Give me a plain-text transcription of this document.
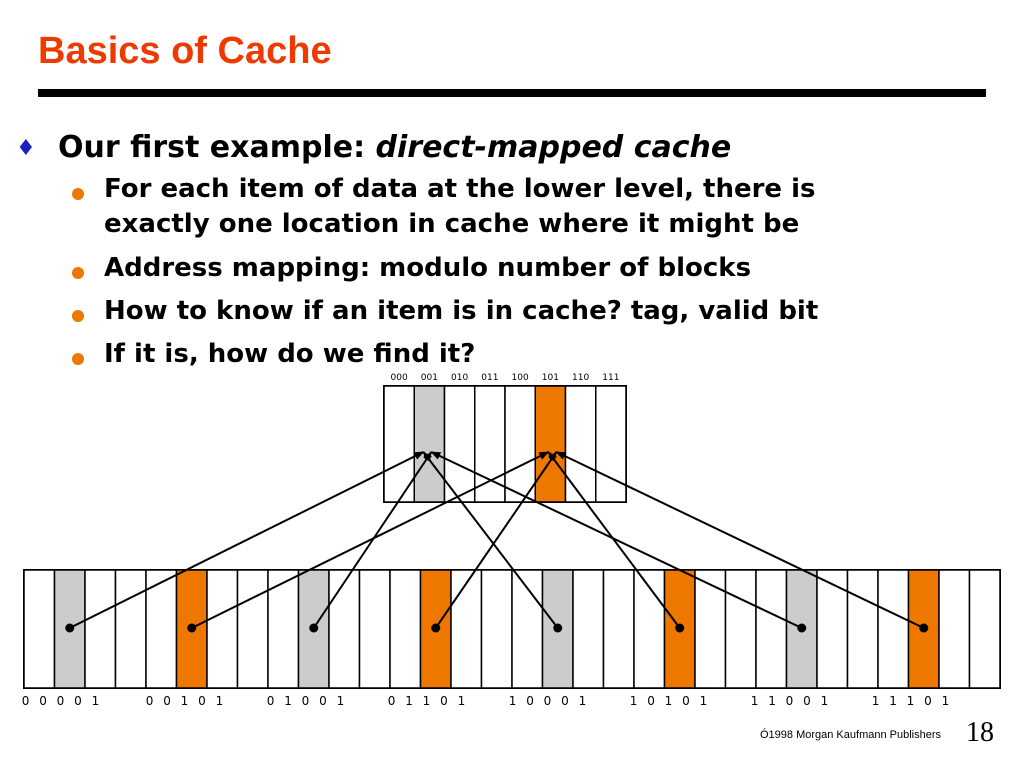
Basics of Cache
♦ Our first example: direct-mapped cache
For each item of data at the lower level, there is
exactly one location in cache where it might be
Address mapping: modulo number of blocks
How to know if an item is in cache? tag, valid bit
If it is, how do we find it?
000 001 010 011 100 101 110 111
0 0 0 0 1	0 0 1 0 1	0 1 0 0 1	0 1 1 0 1	1 0 0 0 1	1 0 1 0 1	1 1 0 0 1	1 1 1 0 1
Ó1998 Morgan Kaufmann Publishers 18
